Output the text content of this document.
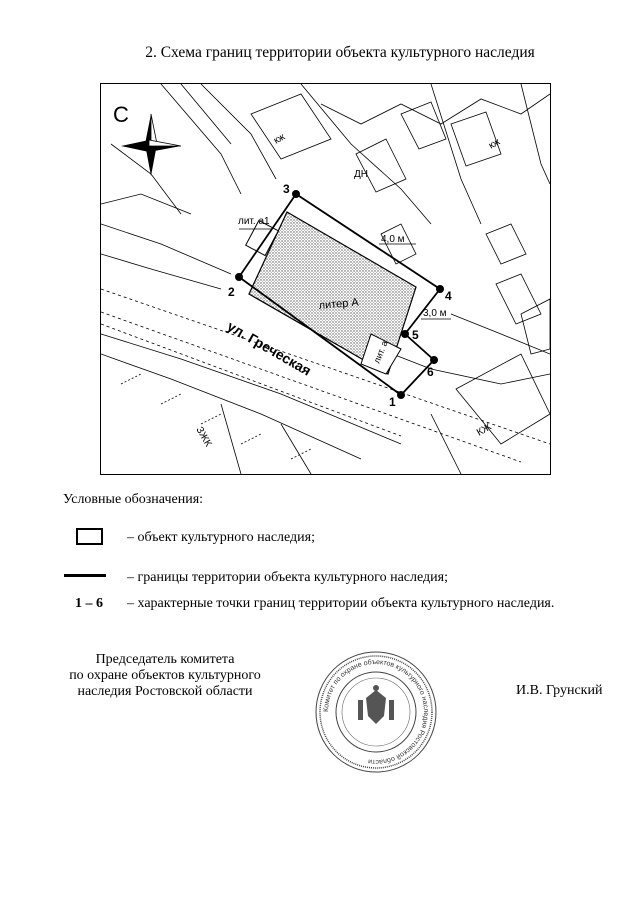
2. Схема границ территории объекта культурного наследия
1
2
3
4
5
6
лит. а1
4,0 м
3,0 м
ДН
кж	кж
КЖ
ЗЖК
литер А
лит. а
ул. Греческая
С
Условные обозначения:
– объект культурного наследия;
– границы территории объекта культурного наследия;
1 – 6 – характерные точки границ территории объекта культурного наследия.
Председатель комитета
по охране объектов культурного
наследия Ростовской области
Комитет по охране объектов культурного наследия Ростовской области
И.В. Грунский
